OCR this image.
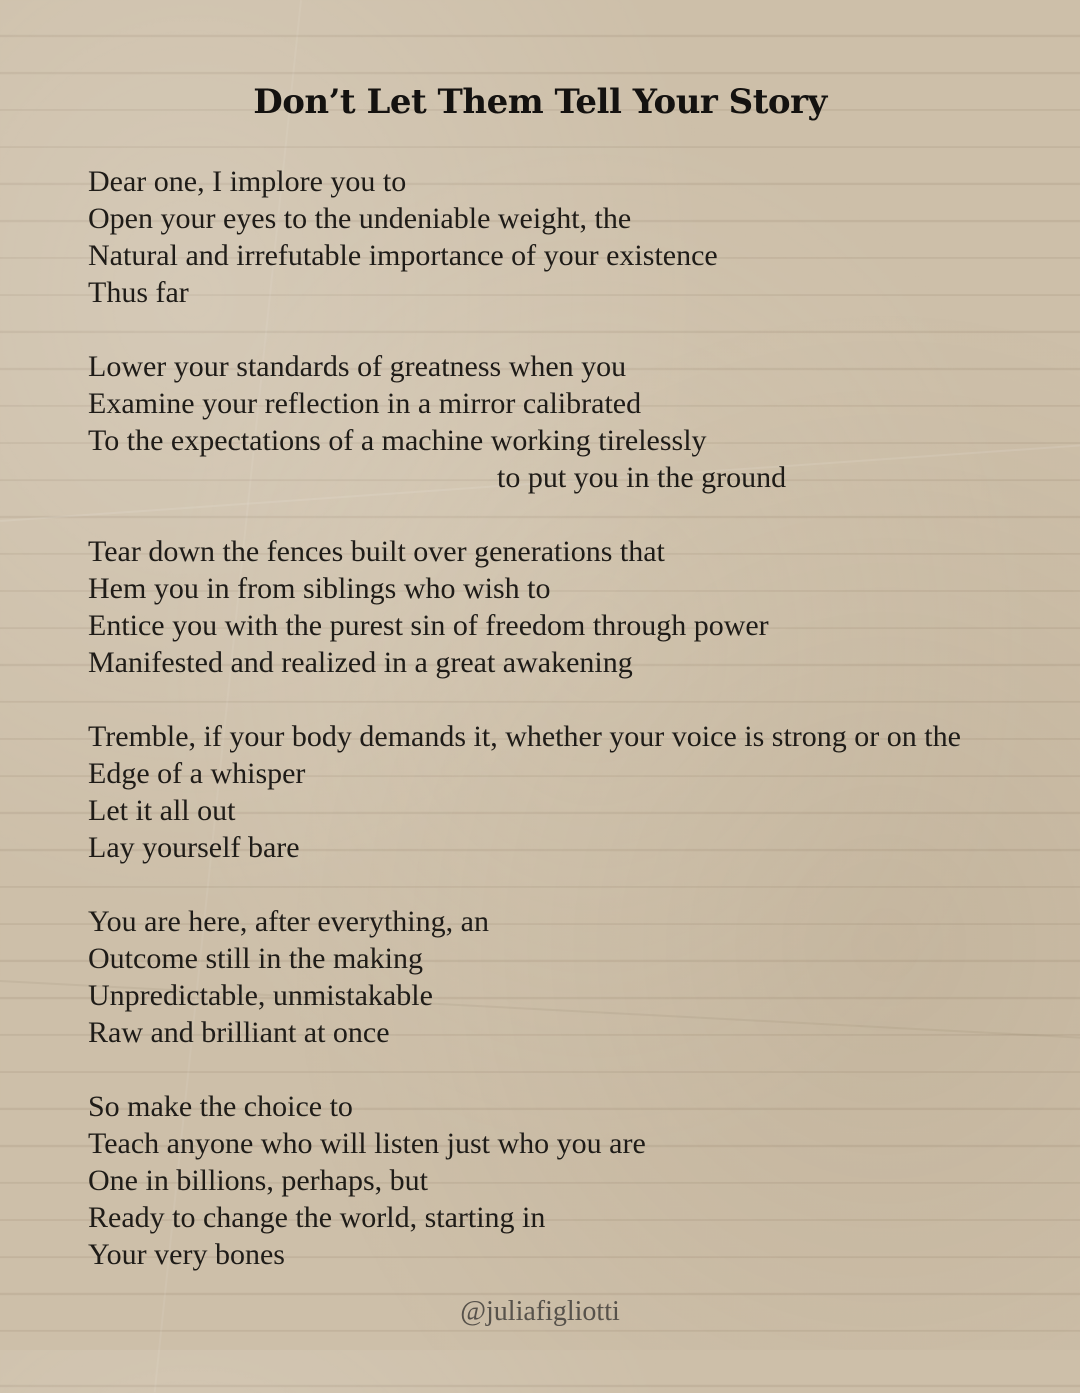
Don’t Let Them Tell Your Story
Dear one, I implore you to
Open your eyes to the undeniable weight, the
Natural and irrefutable importance of your existence
Thus far
Lower your standards of greatness when you
Examine your reflection in a mirror calibrated
To the expectations of a machine working tirelessly
to put you in the ground
Tear down the fences built over generations that
Hem you in from siblings who wish to
Entice you with the purest sin of freedom through power
Manifested and realized in a great awakening
Tremble, if your body demands it, whether your voice is strong or on the
Edge of a whisper
Let it all out
Lay yourself bare
You are here, after everything, an
Outcome still in the making
Unpredictable, unmistakable
Raw and brilliant at once
So make the choice to
Teach anyone who will listen just who you are
One in billions, perhaps, but
Ready to change the world, starting in
Your very bones
@juliafigliotti
